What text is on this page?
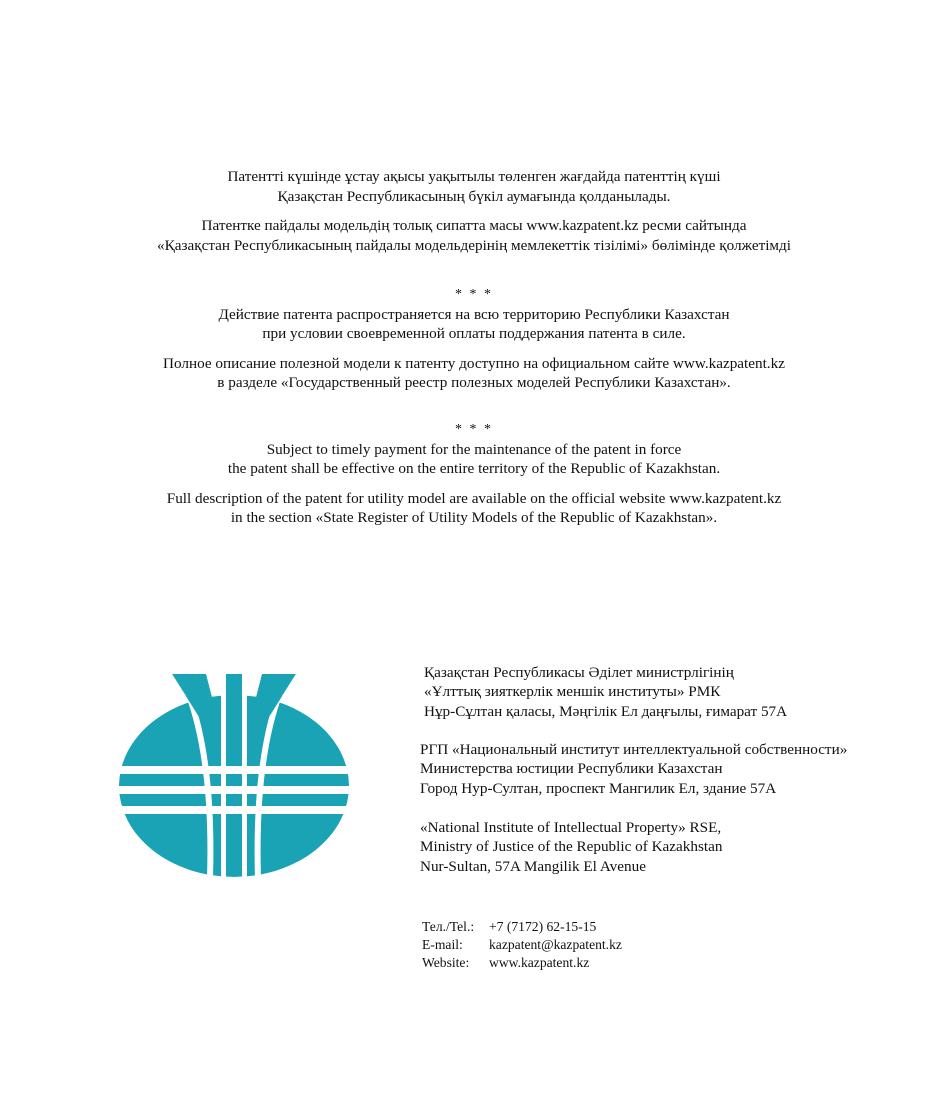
Патентті күшінде ұстау ақысы уақытылы төленген жағдайда патенттің күші

Қазақстан Республикасының бүкіл аумағында қолданылады.

Патентке пайдалы модельдің толық сипатта масы www.kazpatent.kz ресми сайтында

«Қазақстан Республикасының пайдалы модельдерінің мемлекеттік тізілімі» бөлімінде қолжетімді

* * *

Действие патента распространяется на всю территорию Республики Казахстан

при условии своевременной оплаты поддержания патента в силе.

Полное описание полезной модели к патенту доступно на официальном сайте www.kazpatent.kz

в разделе «Государственный реестр полезных моделей Республики Казахстан».

* * *

Subject to timely payment for the maintenance of the patent in force

the patent shall be effective on the entire territory of the Republic of Kazakhstan.

Full description of the patent for utility model are available on the official website www.kazpatent.kz

in the section «State Register of Utility Models of the Republic of Kazakhstan».

Қазақстан Республикасы Әділет министрлігінің

«Ұлттық зияткерлік меншік институты» РМК

Нұр-Сұлтан қаласы, Мәңгілік Ел даңғылы, ғимарат 57А

РГП «Национальный институт интеллектуальной собственности»

Министерства юстиции Республики Казахстан

Город Нур-Султан, проспект Мангилик Ел, здание 57А

«National Institute of Intellectual Property» RSE,

Ministry of Justice of the Republic of Kazakhstan

Nur-Sultan, 57A Mangilik El Avenue

Тел./Tel.:	+7 (7172) 62-15-15
E-mail:	kazpatent@kazpatent.kz
Website:	www.kazpatent.kz
